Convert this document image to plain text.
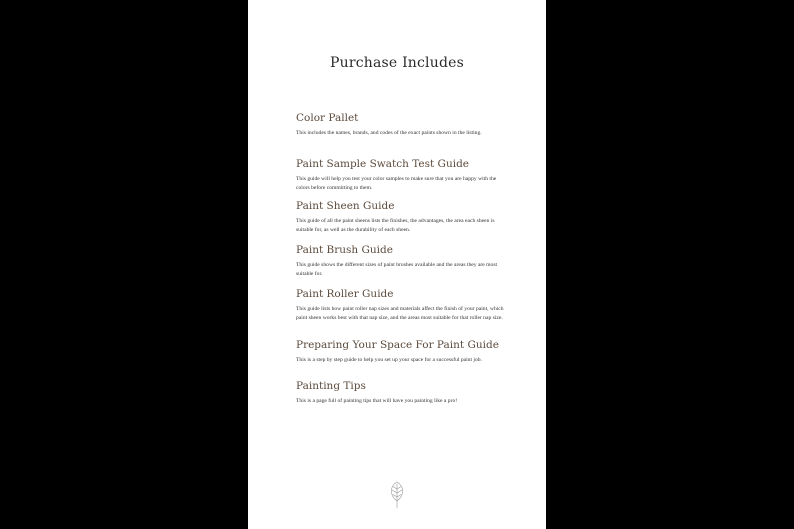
Purchase Includes
Color Pallet
This includes the names, brands, and codes of the exact paints shown in the listing.
Paint Sample Swatch Test Guide
This guide will help you test your color samples to make sure that you are happy with the colors before committing to them.
Paint Sheen Guide
This guide of all the paint sheens lists the finishes, the advantages, the area each sheen is suitable for, as well as the durability of each sheen.
Paint Brush Guide
This guide shows the different sizes of paint brushes available and the areas they are most suitable for.
Paint Roller Guide
This guide lists how paint roller nap sizes and materials affect the finish of your paint, which paint sheen works best with that nap size, and the areas most suitable for that roller nap size.
Preparing Your Space For Paint Guide
This is a step by step guide to help you set up your space for a successful paint job.
Painting Tips
This is a page full of painting tips that will have you painting like a pro!
